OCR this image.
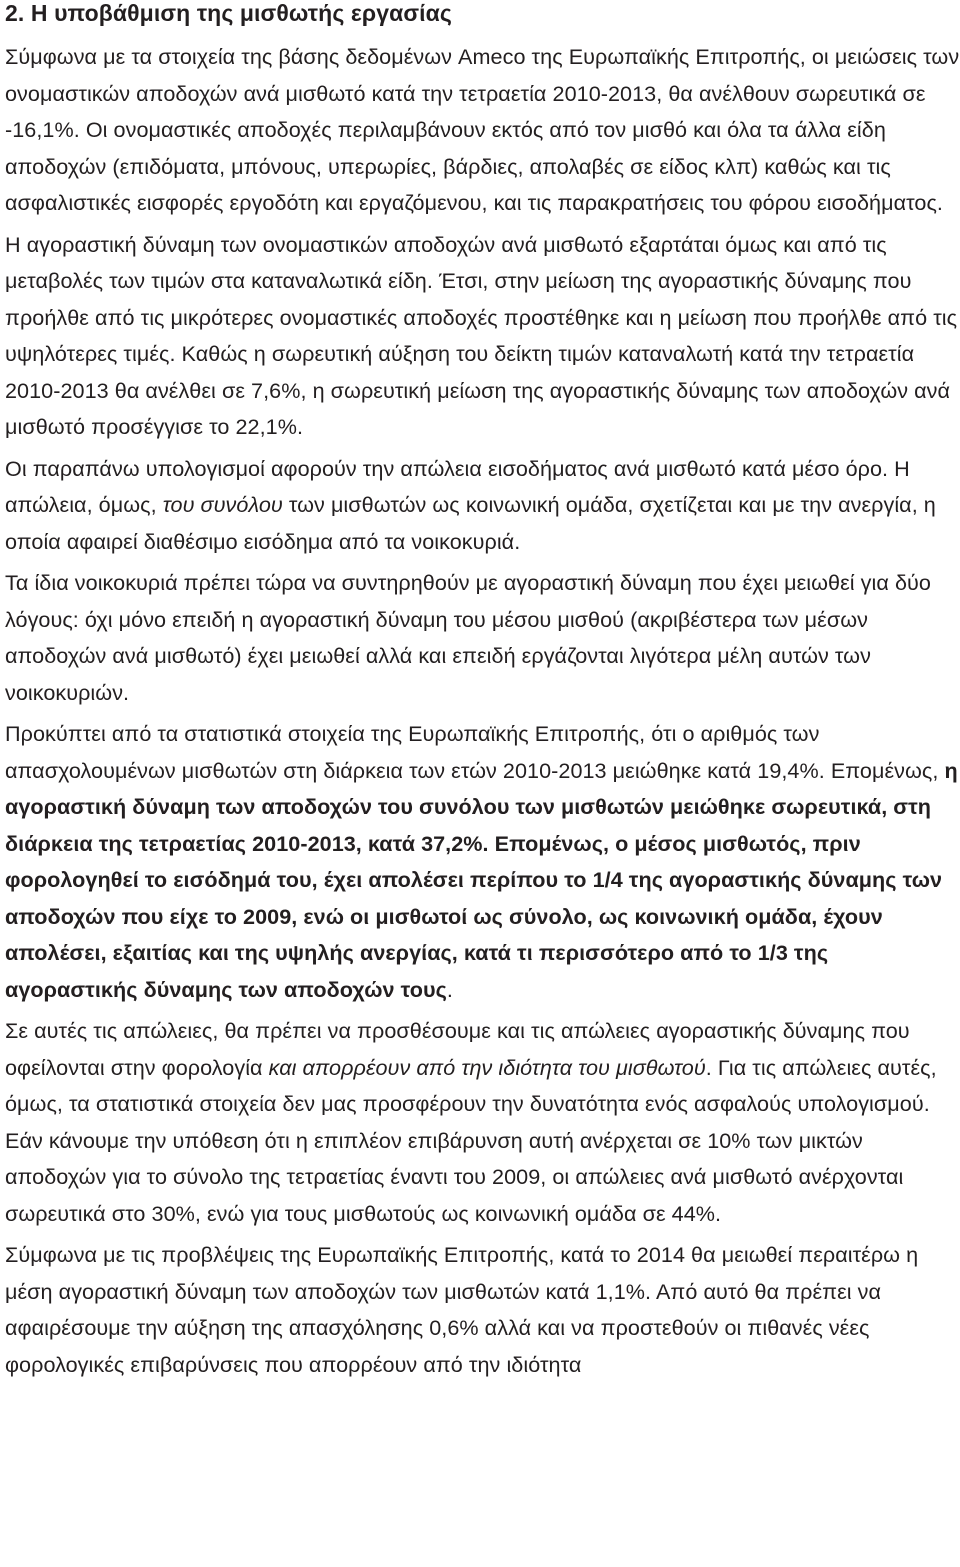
2. Η υποβάθμιση της μισθωτής εργασίας

Σύμφωνα με τα στοιχεία της βάσης δεδομένων Ameco της Ευρωπαϊκής Επιτροπής, οι μειώσεις των ονομαστικών αποδοχών ανά μισθωτό κατά την τετραετία 2010-2013, θα ανέλθουν σωρευτικά σε -16,1%. Οι ονομαστικές αποδοχές περιλαμβάνουν εκτός από τον μισθό και όλα τα άλλα είδη αποδοχών (επιδόματα, μπόνους, υπερωρίες, βάρδιες, απολαβές σε είδος κλπ) καθώς και τις ασφαλιστικές εισφορές εργοδότη και εργαζόμενου, και τις παρακρατήσεις του φόρου εισοδήματος.

Η αγοραστική δύναμη των ονομαστικών αποδοχών ανά μισθωτό εξαρτάται όμως και από τις μεταβολές των τιμών στα καταναλωτικά είδη. Έτσι, στην μείωση της αγοραστικής δύναμης που προήλθε από τις μικρότερες ονομαστικές αποδοχές προστέθηκε και η μείωση που προήλθε από τις υψηλότερες τιμές. Καθώς η σωρευτική αύξηση του δείκτη τιμών καταναλωτή κατά την τετραετία 2010-2013 θα ανέλθει σε 7,6%, η σωρευτική μείωση της αγοραστικής δύναμης των αποδοχών ανά μισθωτό προσέγγισε το 22,1%.

Οι παραπάνω υπολογισμοί αφορούν την απώλεια εισοδήματος ανά μισθωτό κατά μέσο όρο. Η απώλεια, όμως, του συνόλου των μισθωτών ως κοινωνική ομάδα, σχετίζεται και με την ανεργία, η οποία αφαιρεί διαθέσιμο εισόδημα από τα νοικοκυριά.

Τα ίδια νοικοκυριά πρέπει τώρα να συντηρηθούν με αγοραστική δύναμη που έχει μειωθεί για δύο λόγους: όχι μόνο επειδή η αγοραστική δύναμη του μέσου μισθού (ακριβέστερα των μέσων αποδοχών ανά μισθωτό) έχει μειωθεί αλλά και επειδή εργάζονται λιγότερα μέλη αυτών των νοικοκυριών.

Προκύπτει από τα στατιστικά στοιχεία της Ευρωπαϊκής Επιτροπής, ότι ο αριθμός των απασχολουμένων μισθωτών στη διάρκεια των ετών 2010-2013 μειώθηκε κατά 19,4%. Επομένως, η αγοραστική δύναμη των αποδοχών του συνόλου των μισθωτών μειώθηκε σωρευτικά, στη διάρκεια της τετραετίας 2010-2013, κατά 37,2%. Επομένως, ο μέσος μισθωτός, πριν φορολογηθεί το εισόδημά του, έχει απολέσει περίπου το 1/4 της αγοραστικής δύναμης των αποδοχών που είχε το 2009, ενώ οι μισθωτοί ως σύνολο, ως κοινωνική ομάδα, έχουν απολέσει, εξαιτίας και της υψηλής ανεργίας, κατά τι περισσότερο από το 1/3 της αγοραστικής δύναμης των αποδοχών τους.

Σε αυτές τις απώλειες, θα πρέπει να προσθέσουμε και τις απώλειες αγοραστικής δύναμης που οφείλονται στην φορολογία και απορρέουν από την ιδιότητα του μισθωτού. Για τις απώλειες αυτές, όμως, τα στατιστικά στοιχεία δεν μας προσφέρουν την δυνατότητα ενός ασφαλούς υπολογισμού. Εάν κάνουμε την υπόθεση ότι η επιπλέον επιβάρυνση αυτή ανέρχεται σε 10% των μικτών αποδοχών για το σύνολο της τετραετίας έναντι του 2009, οι απώλειες ανά μισθωτό ανέρχονται σωρευτικά στο 30%, ενώ για τους μισθωτούς ως κοινωνική ομάδα σε 44%.

Σύμφωνα με τις προβλέψεις της Ευρωπαϊκής Επιτροπής, κατά το 2014 θα μειωθεί περαιτέρω η μέση αγοραστική δύναμη των αποδοχών των μισθωτών κατά 1,1%. Από αυτό θα πρέπει να αφαιρέσουμε την αύξηση της απασχόλησης 0,6% αλλά και να προστεθούν οι πιθανές νέες φορολογικές επιβαρύνσεις που απορρέουν από την ιδιότητα
